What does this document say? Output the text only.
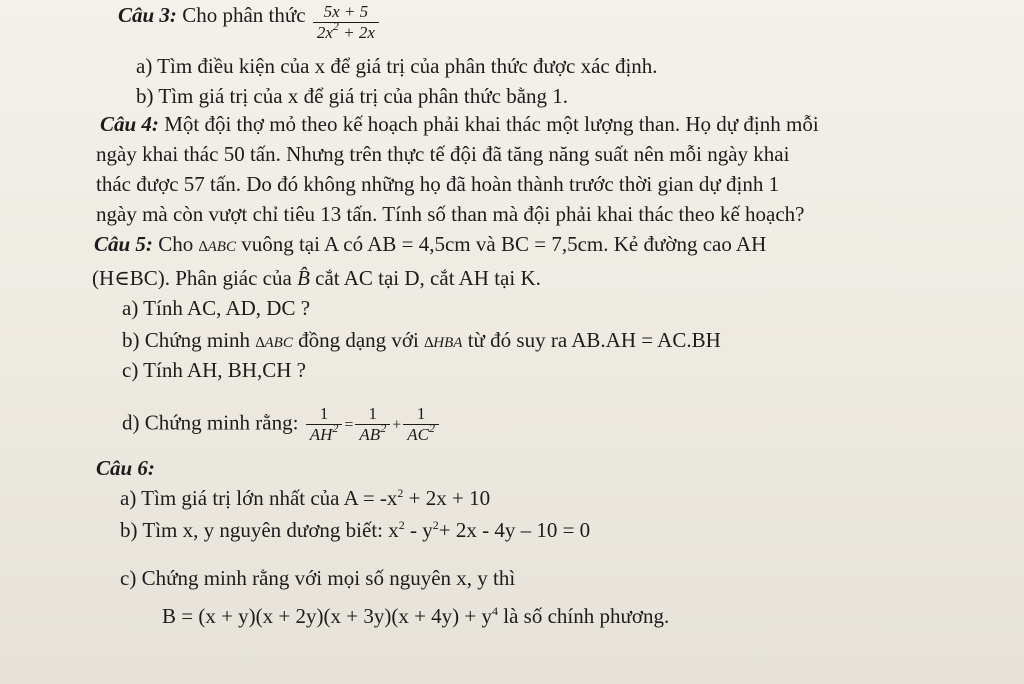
Câu 3: Cho phân thức $\frac{5x + 5}{2x^2 + 2x}$
a) Tìm điều kiện của x để giá trị của phân thức được xác định.
b) Tìm giá trị của x để giá trị của phân thức bằng 1.
Câu 4: Một đội thợ mỏ theo kế hoạch phải khai thác một lượng than. Họ dự định mỗi
ngày khai thác 50 tấn. Nhưng trên thực tế đội đã tăng năng suất nên mỗi ngày khai
thác được 57 tấn. Do đó không những họ đã hoàn thành trước thời gian dự định 1
ngày mà còn vượt chỉ tiêu 13 tấn. Tính số than mà đội phải khai thác theo kế hoạch?
Câu 5: Cho ∆ABC vuông tại A có AB = 4,5cm và BC = 7,5cm. Kẻ đường cao AH
(H∈BC). Phân giác của B̂ cắt AC tại D, cắt AH tại K.
a) Tính AC, AD, DC ?
b) Chứng minh ∆ABC đồng dạng với ∆HBA từ đó suy ra AB.AH = AC.BH
c) Tính AH, BH,CH ?
d) Chứng minh rằng: $\frac{1}{AH^2} = \frac{1}{AB^2} + \frac{1}{AC^2}$
Câu 6:
a) Tìm giá trị lớn nhất của $A = -x^2 + 2x + 10$
b) Tìm x, y nguyên dương biết: $x^2 - y^2+ 2x - 4y - 10 = 0$
c) Chứng minh rằng với mọi số nguyên x, y thì
$B = (x + y)(x + 2y)(x + 3y)(x + 4y) + y^4$ là số chính phương.
